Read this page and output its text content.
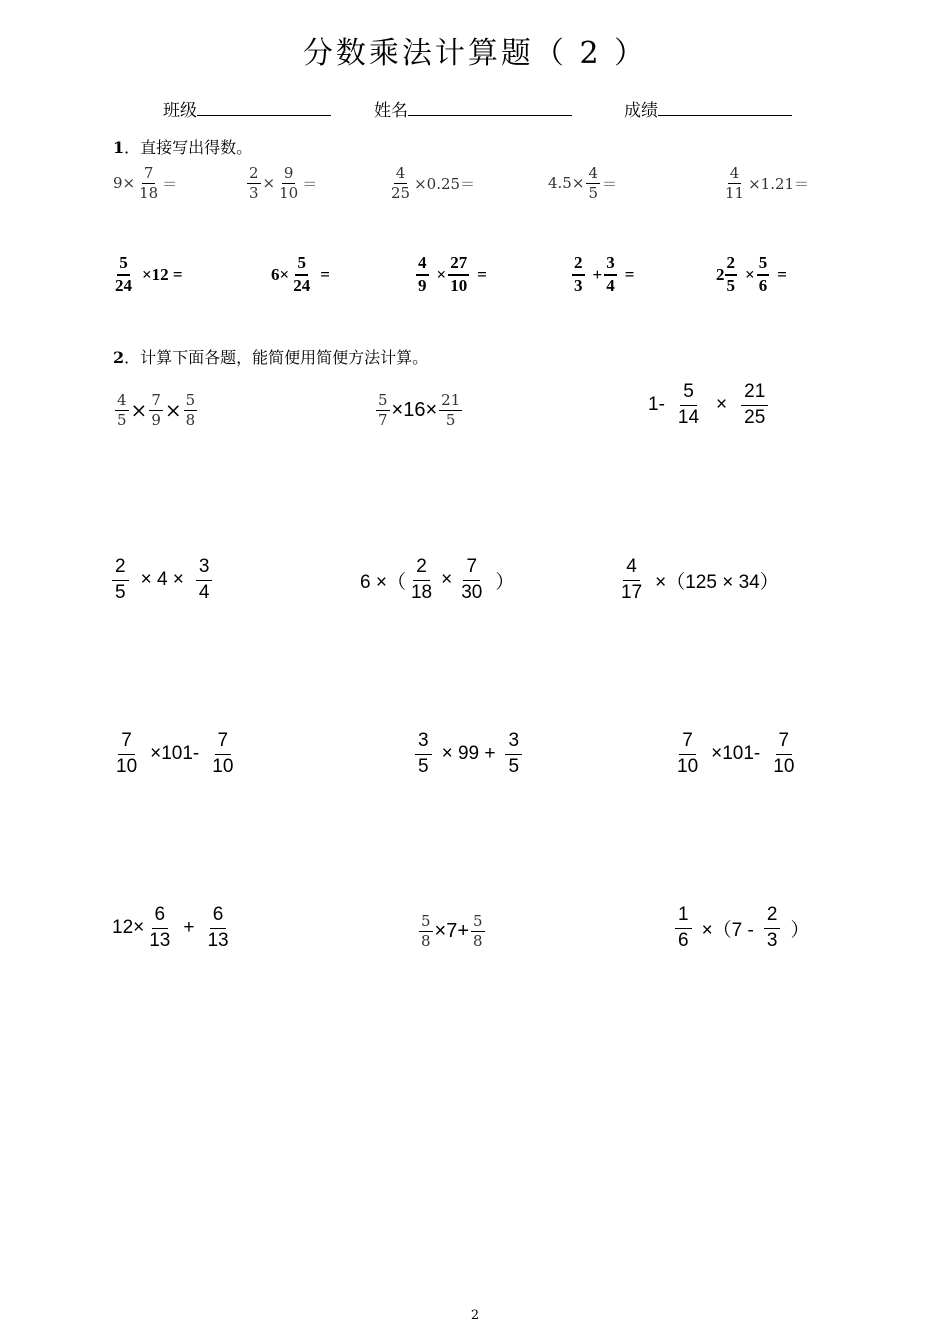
分数乘法计算题（ 2 ）
班级	姓名	成绩
1．直接写出得数。
$9\times \frac{7}{18}$ ＝	$\frac{2}{3} \times \frac{9}{10}$ ＝	$\frac{4}{25} \times 0.25=$	$4.5\times \frac{4}{5}$ ＝	$\frac{4}{11} \times 1.21=$
$\frac{5}{24} \times 12$ =	$6\times \frac{5}{24}$ =	$\frac{4}{9} \times \frac{27}{10}$ =	$\frac{2}{3} + \frac{3}{4}$ =	$2 \frac{2}{5} \times \frac{5}{6}$ =
2．计算下面各题，能简便用简便方法计算。
$\frac{4}{5} \times \frac{7}{9} \times \frac{5}{8}$	$\frac{5}{7} \times 16\times \frac{21}{5}$	$1- \frac{5}{14} \times \frac{21}{25}$
$\frac{2}{5} \times 4 \times \frac{3}{4}$	6 ×（ $\frac{2}{18} \times \frac{7}{30}$ ）	$\frac{4}{17} \times(125 \times 34)$
$\frac{7}{10} \times 101- \frac{7}{10}$	$\frac{3}{5} \times 99 + \frac{3}{5}$	$\frac{7}{10} \times 101- \frac{7}{10}$
$12\times \frac{6}{13} + \frac{6}{13}$	$\frac{5}{8} \times 7+ \frac{5}{8}$	$\frac{1}{6} \times(7 - \frac{2}{3}$ ）
2
